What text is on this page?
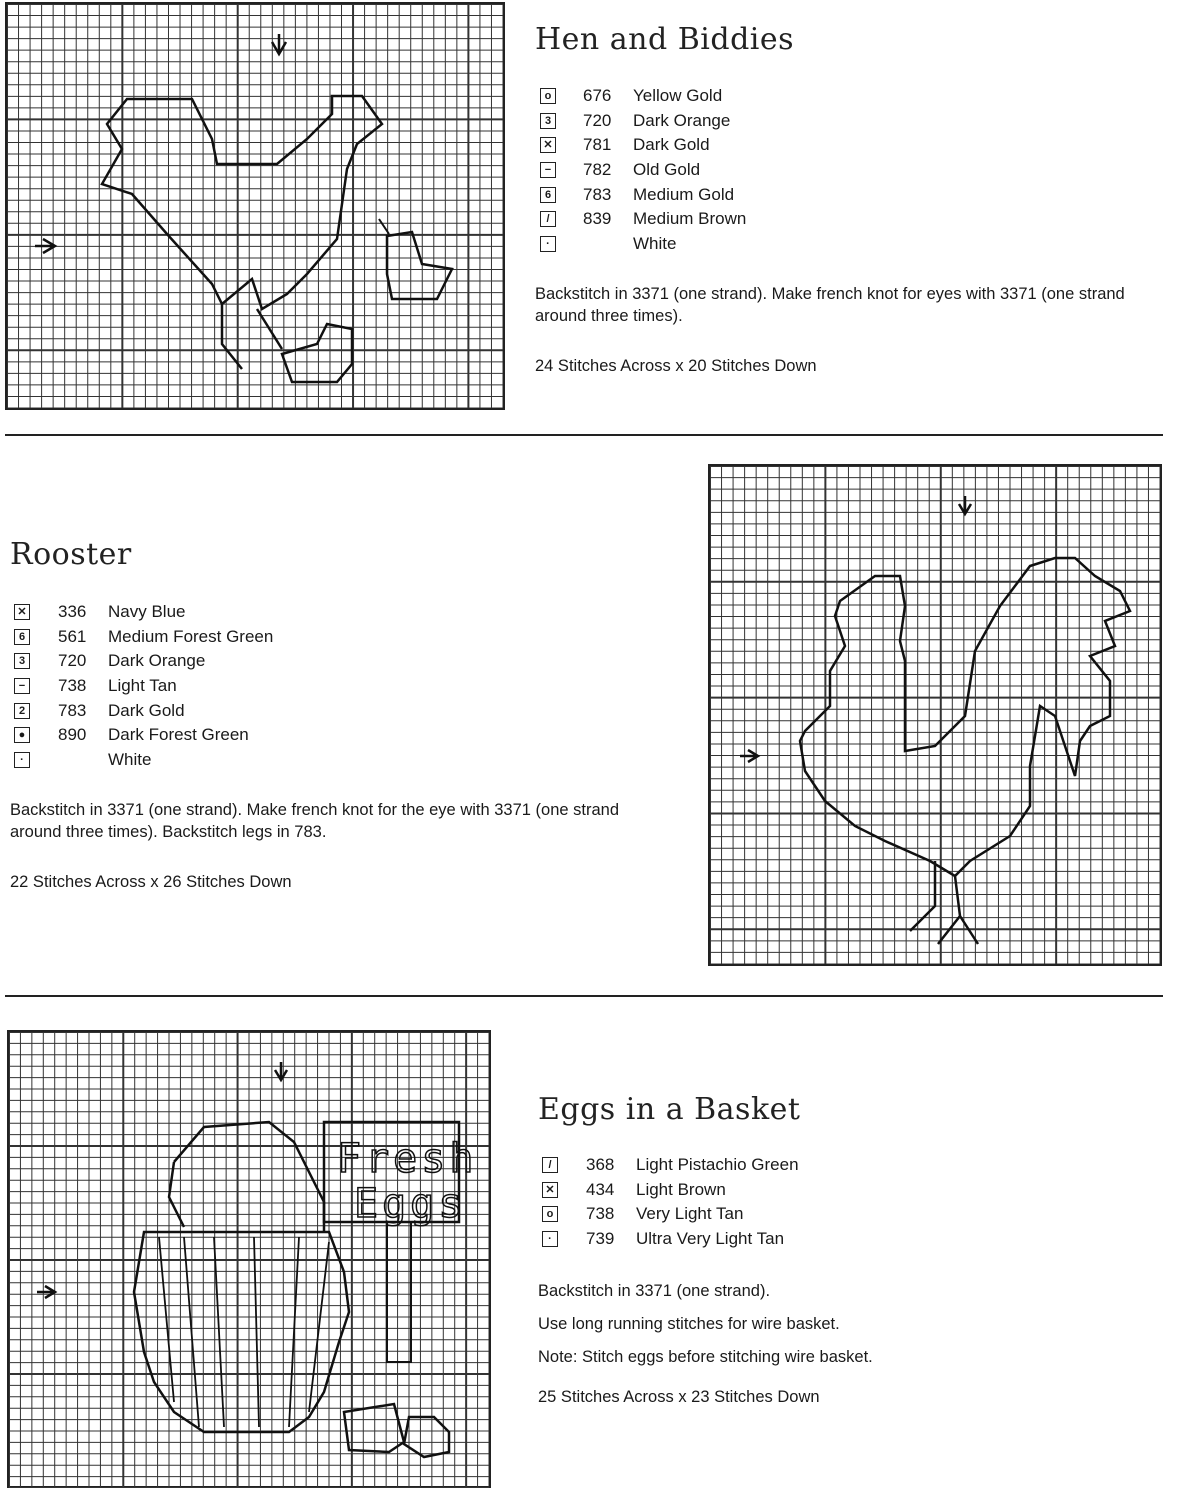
Hen and Biddies
o 676 Yellow Gold
3 720 Dark Orange
✕ 781 Dark Gold
− 782 Old Gold
6 783 Medium Gold
/	839 Medium Brown
·	White

Backstitch in 3371 (one strand). Make french knot for eyes with 3371 (one strand around three times).

24 Stitches Across x 20 Stitches Down

Rooster
✕ 336 Navy Blue
6 561 Medium Forest Green
3 720 Dark Orange
− 738 Light Tan
2 783 Dark Gold
● 890 Dark Forest Green
·	White

Backstitch in 3371 (one strand). Make french knot for the eye with 3371 (one strand around three times). Backstitch legs in 783.

22 Stitches Across x 26 Stitches Down

Fresh
Eggs
Eggs in a Basket
/	368 Light Pistachio Green
✕ 434 Light Brown
o 738 Very Light Tan
·	739 Ultra Very Light Tan

Backstitch in 3371 (one strand).

Use long running stitches for wire basket.

Note: Stitch eggs before stitching wire basket.

25 Stitches Across x 23 Stitches Down
